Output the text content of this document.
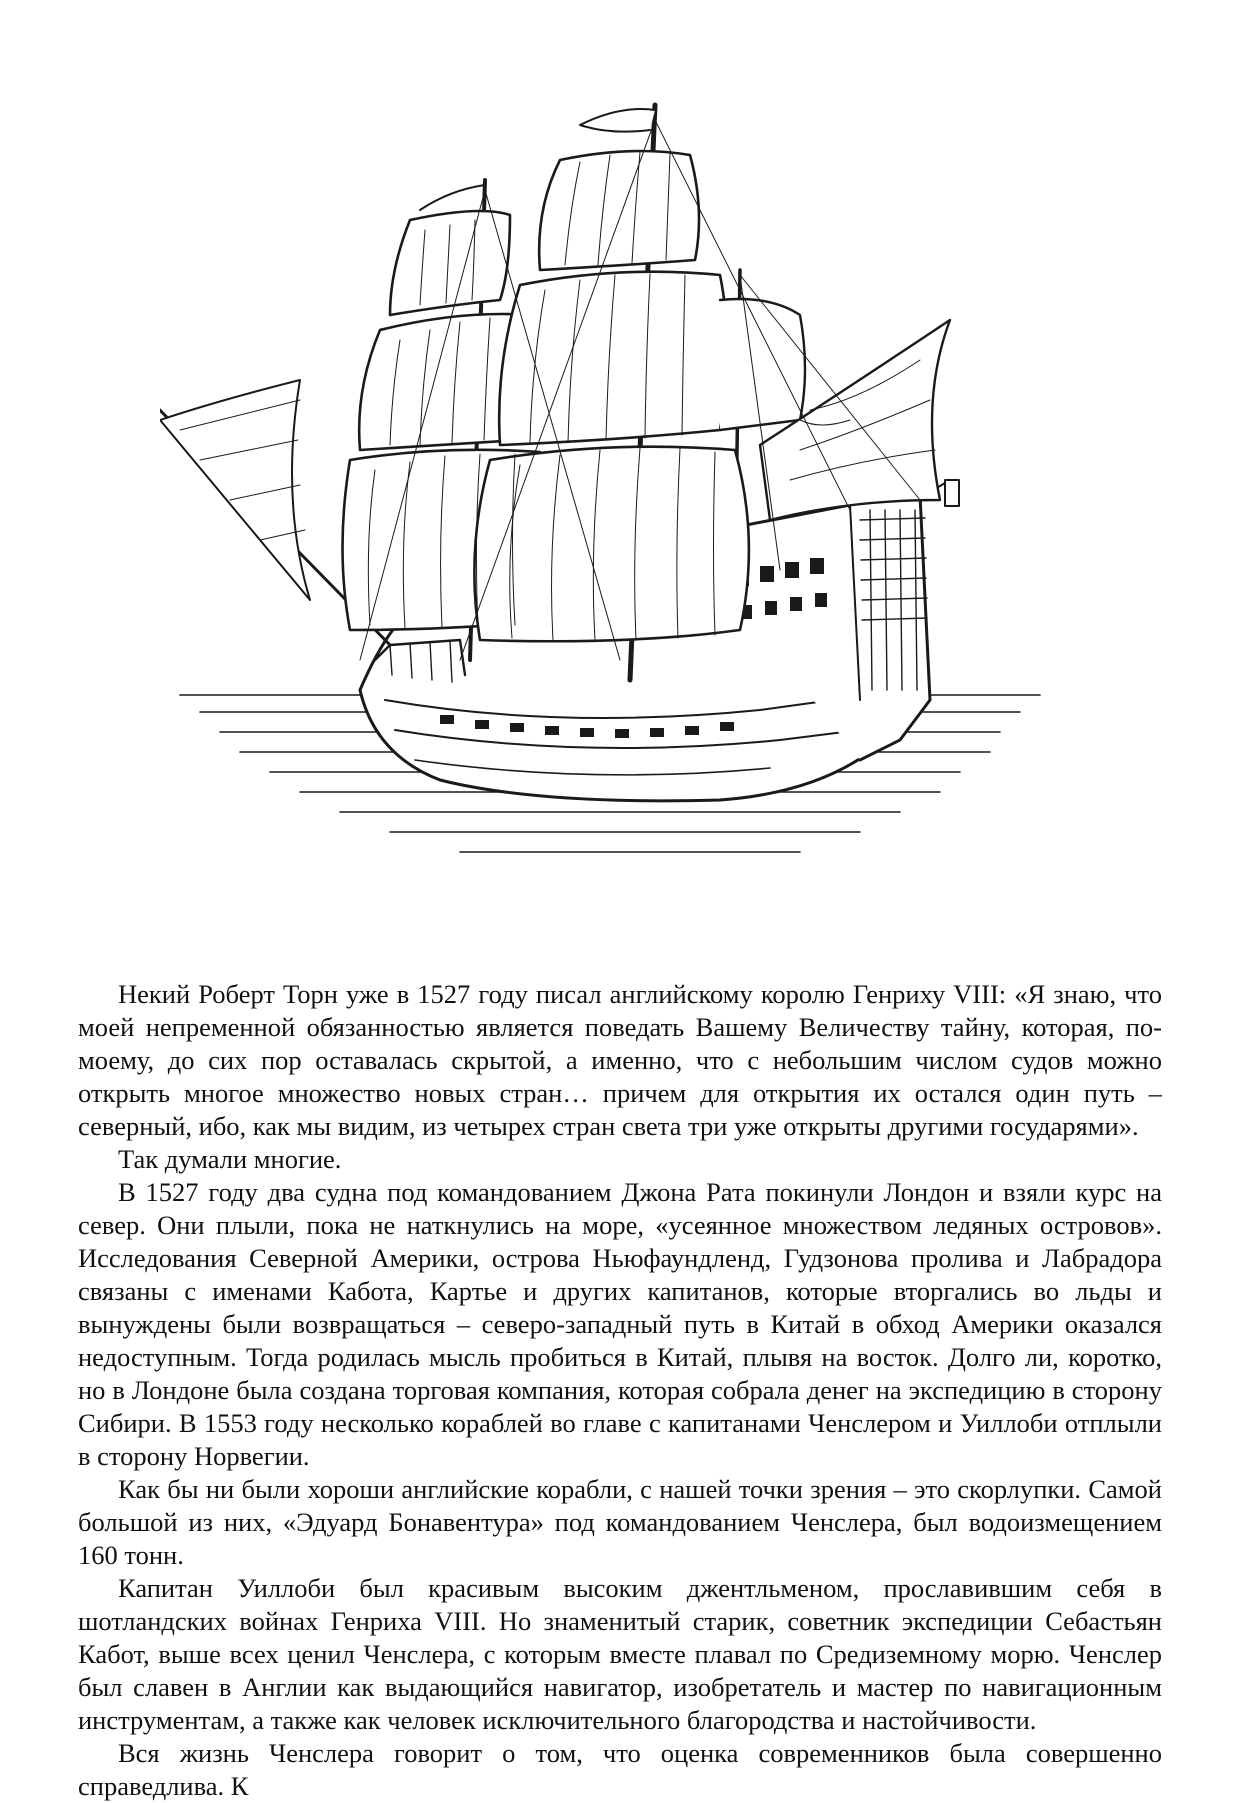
Некий Роберт Торн уже в 1527 году писал английскому королю Генриху VIII: «Я знаю, что моей непременной обязанностью является поведать Вашему Величеству тайну, которая, по-моему, до сих пор оставалась скрытой, а именно, что с небольшим числом судов можно открыть многое множество новых стран… причем для открытия их остался один путь – северный, ибо, как мы видим, из четырех стран света три уже открыты другими государями».

Так думали многие.

В 1527 году два судна под командованием Джона Рата покинули Лондон и взяли курс на север. Они плыли, пока не наткнулись на море, «усеянное множеством ледяных островов». Исследования Северной Америки, острова Ньюфаундленд, Гудзонова пролива и Лабрадора связаны с именами Кабота, Картье и других капитанов, которые вторгались во льды и вынуждены были возвращаться – северо-западный путь в Китай в обход Америки оказался недоступным. Тогда родилась мысль пробиться в Китай, плывя на восток. Долго ли, коротко, но в Лондоне была создана торговая компания, которая собрала денег на экспедицию в сторону Сибири. В 1553 году несколько кораблей во главе с капитанами Ченслером и Уиллоби отплыли в сторону Норвегии.

Как бы ни были хороши английские корабли, с нашей точки зрения – это скорлупки. Самой большой из них, «Эдуард Бонавентура» под командованием Ченслера, был водоизмещением 160 тонн.

Капитан Уиллоби был красивым высоким джентльменом, прославившим себя в шотландских войнах Генриха VIII. Но знаменитый старик, советник экспедиции Себастьян Кабот, выше всех ценил Ченслера, с которым вместе плавал по Средиземному морю. Ченслер был славен в Англии как выдающийся навигатор, изобретатель и мастер по навигационным инструментам, а также как человек исключительного благородства и настойчивости.

Вся жизнь Ченслера говорит о том, что оценка современников была совершенно справедлива. К
